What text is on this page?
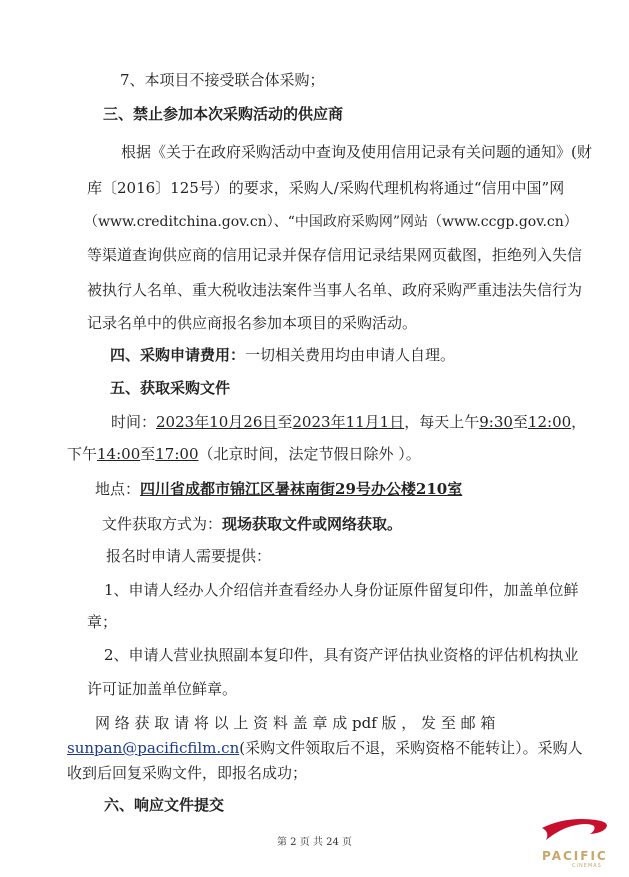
7、本项目不接受联合体采购；
三、禁止参加本次采购活动的供应商
根据《关于在政府采购活动中查询及使用信用记录有关问题的通知》(财
库〔2016〕125号）的要求，采购人/采购代理机构将通过“信用中国”网
（www.creditchina.gov.cn）、“中国政府采购网”网站（www.ccgp.gov.cn）
等渠道查询供应商的信用记录并保存信用记录结果网页截图，拒绝列入失信
被执行人名单、重大税收违法案件当事人名单、政府采购严重违法失信行为
记录名单中的供应商报名参加本项目的采购活动。
四、采购申请费用：一切相关费用均由申请人自理。
五、获取采购文件
时间：2023年10月26日至2023年11月1日，每天上午9:30至12:00，
下午14:00至17:00（北京时间，法定节假日除外 ）。
地点：四川省成都市锦江区暑袜南街29号办公楼210室
文件获取方式为：现场获取文件或网络获取。
报名时申请人需要提供：
1、申请人经办人介绍信并查看经办人身份证原件留复印件，加盖单位鲜
章；
2、申请人营业执照副本复印件，具有资产评估执业资格的评估机构执业
许可证加盖单位鲜章。
网 络 获 取 请 将 以 上 资 料 盖 章 成 pdf 版 ， 发 至 邮 箱
sunpan@pacificfilm.cn(采购文件领取后不退，采购资格不能转让）。采购人
收到后回复采购文件，即报名成功；
六、响应文件提交
第 2 页 共 24 页
PACIFIC
CINEMAS
